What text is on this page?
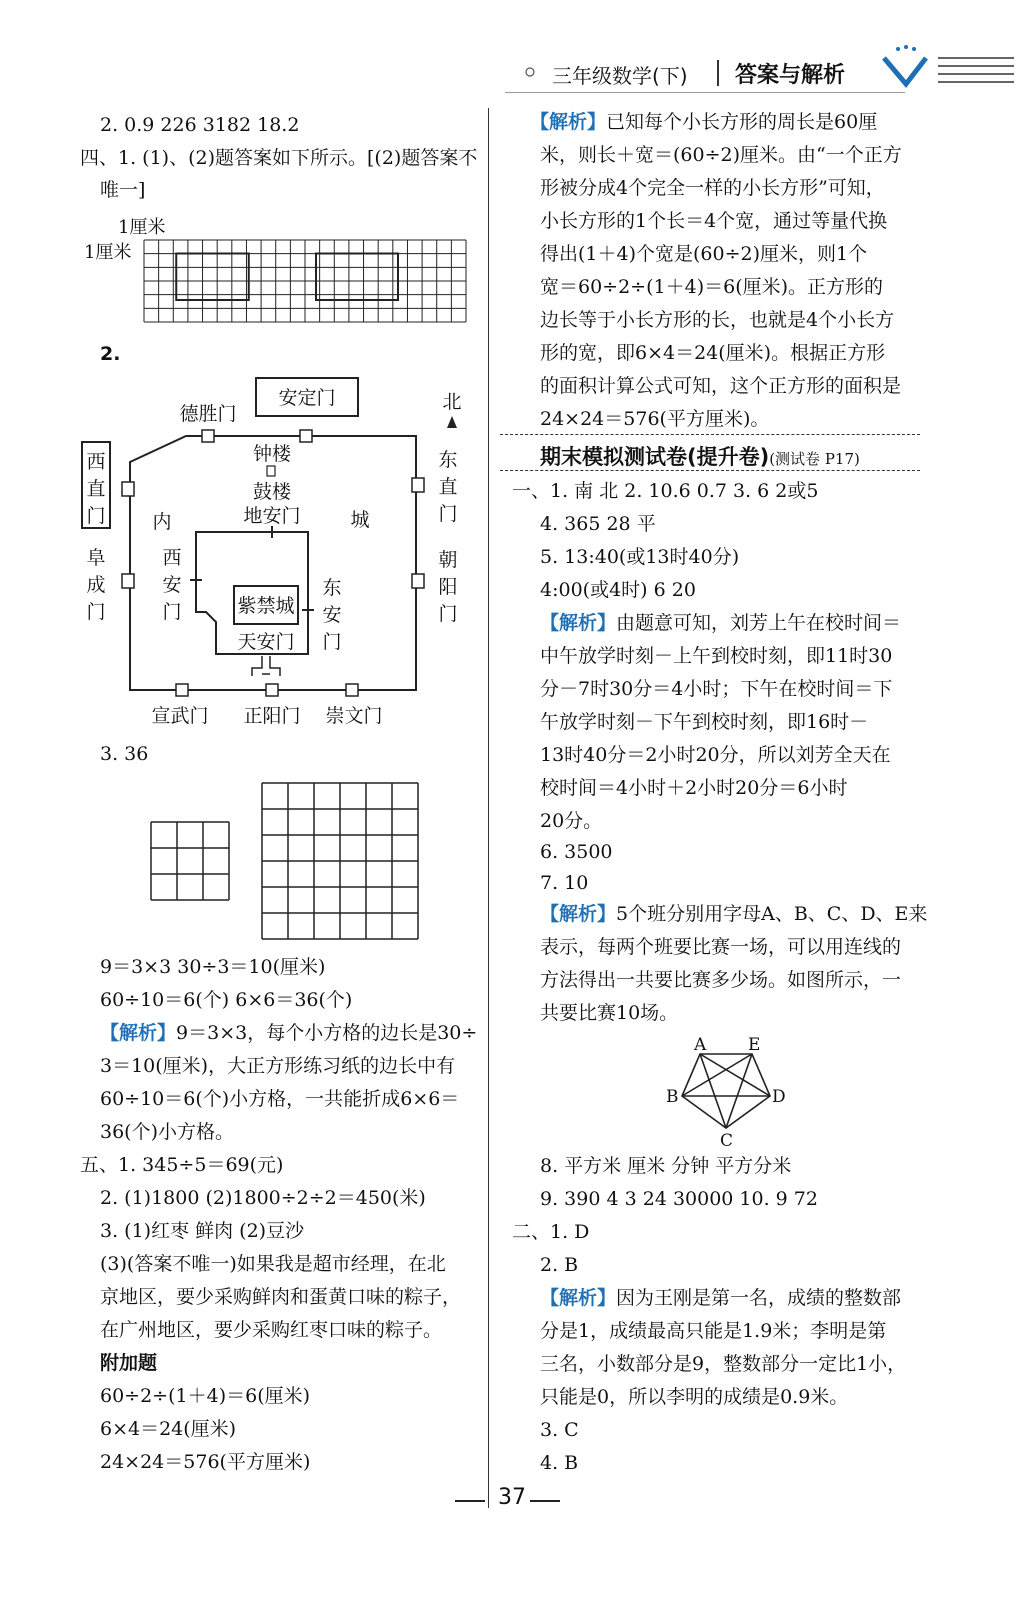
三年级数学(下) 答案与解析
2. 0.9 226 3182 18.2
四、1. (1)、(2)题答案如下所示。[(2)题答案不
唯一]
1厘米
1厘米
2.
安定门
德胜门
北
西直门
东直门
钟楼
鼓楼
地安门
内	城
阜成门
朝阳门
西安门
东安门
紫禁城
天安门
宣武门 正阳门 崇文门
3. 36
9＝3×3 30÷3＝10(厘米)
60÷10＝6(个) 6×6＝36(个)
【解析】9＝3×3，每个小方格的边长是30÷
3＝10(厘米)，大正方形练习纸的边长中有
60÷10＝6(个)小方格，一共能折成6×6＝
36(个)小方格。
五、1. 345÷5＝69(元)
2. (1)1800 (2)1800÷2÷2＝450(米)
3. (1)红枣 鲜肉 (2)豆沙
(3)(答案不唯一)如果我是超市经理，在北
京地区，要少采购鲜肉和蛋黄口味的粽子，
在广州地区，要少采购红枣口味的粽子。
附加题
60÷2÷(1＋4)＝6(厘米)
6×4＝24(厘米)
24×24＝576(平方厘米)
【解析】已知每个小长方形的周长是60厘
米，则长＋宽＝(60÷2)厘米。由“一个正方
形被分成4个完全一样的小长方形”可知，
小长方形的1个长＝4个宽，通过等量代换
得出(1＋4)个宽是(60÷2)厘米，则1个
宽＝60÷2÷(1＋4)＝6(厘米)。正方形的
边长等于小长方形的长，也就是4个小长方
形的宽，即6×4＝24(厘米)。根据正方形
的面积计算公式可知，这个正方形的面积是
24×24＝576(平方厘米)。
期末模拟测试卷(提升卷)(测试卷 P17)
一、1. 南 北 2. 10.6 0.7 3. 6 2或5
4. 365 28 平
5. 13:40(或13时40分)
4:00(或4时) 6 20
【解析】由题意可知，刘芳上午在校时间＝
中午放学时刻－上午到校时刻，即11时30
分－7时30分＝4小时；下午在校时间＝下
午放学时刻－下午到校时刻，即16时－
13时40分＝2小时20分，所以刘芳全天在
校时间＝4小时＋2小时20分＝6小时
20分。
6. 3500
7. 10
【解析】5个班分别用字母A、B、C、D、E来
表示，每两个班要比赛一场，可以用连线的
方法得出一共要比赛多少场。如图所示，一
共要比赛10场。
A E
B	D
C
8. 平方米 厘米 分钟 平方分米
9. 390 4 3 24 30000 10. 9 72
二、1. D
2. B
【解析】因为王刚是第一名，成绩的整数部
分是1，成绩最高只能是1.9米；李明是第
三名，小数部分是9，整数部分一定比1小，
只能是0，所以李明的成绩是0.9米。
3. C
4. B
37
